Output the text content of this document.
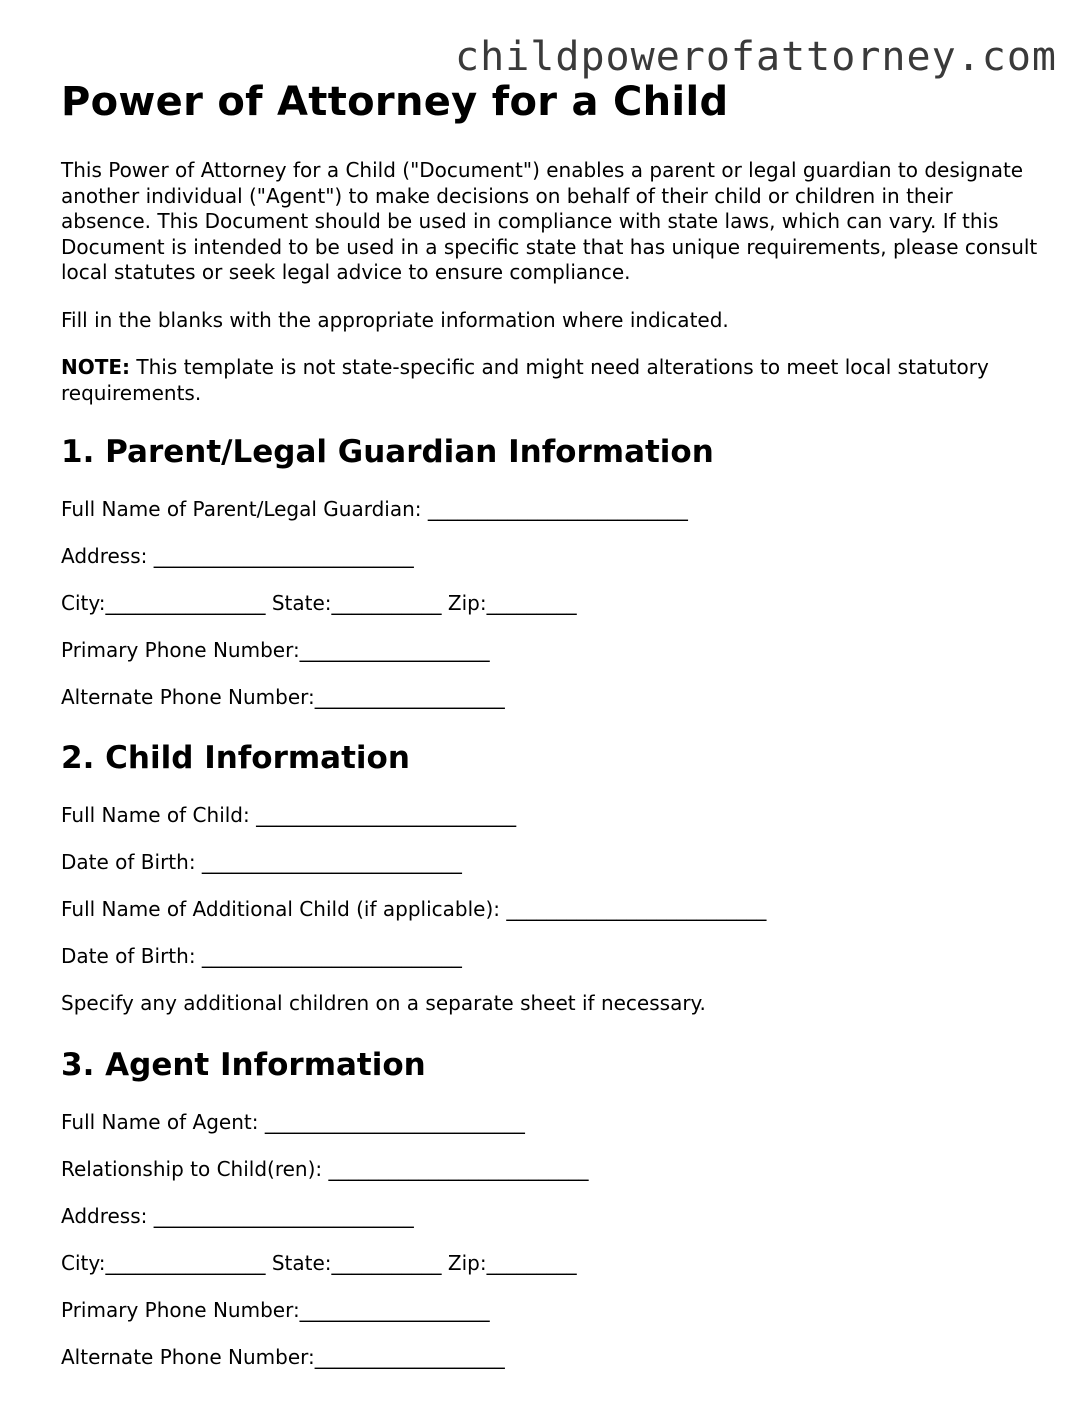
childpowerofattorney.com
Power of Attorney for a Child

This Power of Attorney for a Child ("Document") enables a parent or legal guardian to designate another individual ("Agent") to make decisions on behalf of their child or children in their absence. This Document should be used in compliance with state laws, which can vary. If this Document is intended to be used in a specific state that has unique requirements, please consult local statutes or seek legal advice to ensure compliance.

Fill in the blanks with the appropriate information where indicated.

NOTE: This template is not state-specific and might need alterations to meet local statutory requirements.

1. Parent/Legal Guardian Information
Full Name of Parent/Legal Guardian: __________________________
Address: __________________________
City:________________ State:___________ Zip:_________
Primary Phone Number:___________________
Alternate Phone Number:___________________
2. Child Information
Full Name of Child: __________________________
Date of Birth: __________________________
Full Name of Additional Child (if applicable): __________________________
Date of Birth: __________________________
Specify any additional children on a separate sheet if necessary.
3. Agent Information
Full Name of Agent: __________________________
Relationship to Child(ren): __________________________
Address: __________________________
City:________________ State:___________ Zip:_________
Primary Phone Number:___________________
Alternate Phone Number:___________________
